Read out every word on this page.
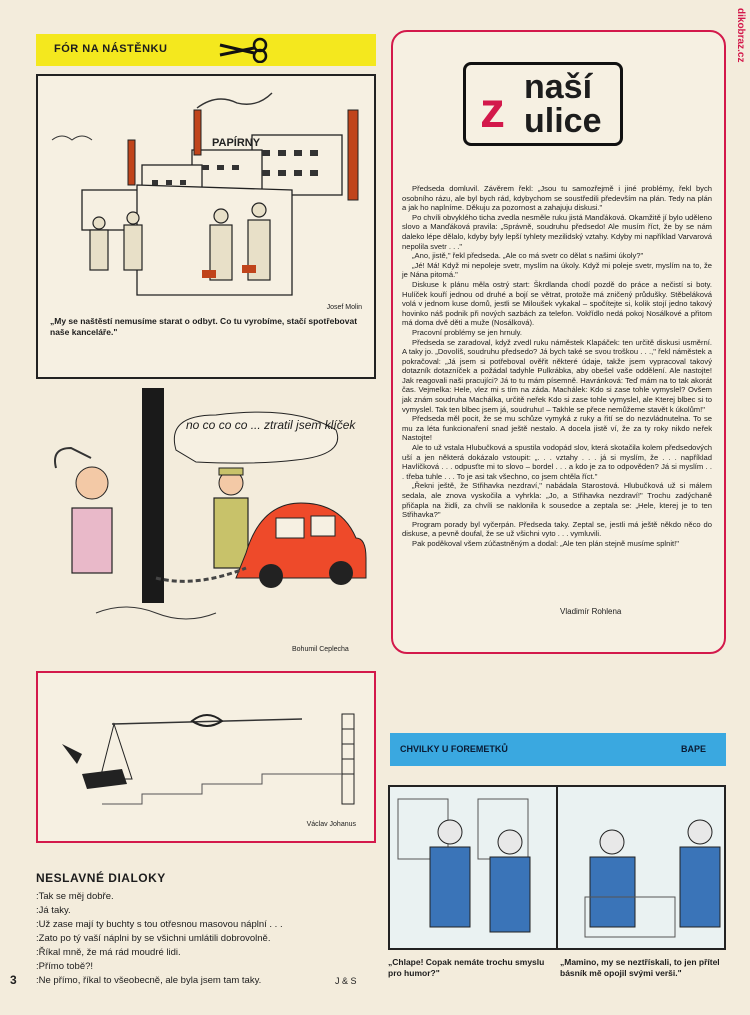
dikobraz.cz
FÓR NA NÁSTĚNKU
PAPÍRNY
Josef Molin
„My se naštěstí nemusíme starat o odbyt. Co tu vyrobíme, stačí spotřebovat naše kanceláře."
no co co co ... ztratil jsem klíček
Bohumil Ceplecha
z naší
ulice

Předseda domluvil. Závěrem řekl: „Jsou tu samozřejmě i jiné problémy, řekl bych osobního rázu, ale byl bych rád, kdybychom se soustředili především na plán. Tedy na plán a jak ho naplníme. Děkuju za pozornost a zahajuju diskusi."

Po chvíli obvyklého ticha zvedla nesměle ruku jistá Manďáková. Okamžitě jí bylo uděleno slovo a Manďáková pravila: „Správně, soudruhu předsedo! Ale musím říct, že by se nám daleko lépe dělalo, kdyby byly lepší tyhlety mezilidský vztahy. Kdyby mi například Varvarová nepolila svetr . . ."

„Ano, jistě," řekl předseda. „Ale co má svetr co dělat s našimi úkoly?"

„Jé! Má! Když mi nepoleje svetr, myslím na úkoly. Když mi poleje svetr, myslím na to, že je Nána pitomá."

Diskuse k plánu měla ostrý start: Škrdlanda chodí pozdě do práce a nečistí si boty. Hulíček kouří jednou od druhé a bojí se větrat, protože má zničený průdušky. Stěbeláková volá v jednom kuse domů, jestli se Miloušek vykakal – spočítejte si, kolik stojí jedno takový hovinko náš podnik při nových sazbách za telefon. Vokřídlo nedá pokoj Nosálkové a přitom má doma dvě děti a muže (Nosálková).

Pracovní problémy se jen hrnuly.

Předseda se zaradoval, když zvedl ruku náměstek Klapáček: ten určitě diskusi usměrní. A taky jo. „Dovolíš, soudruhu předsedo? Já bych také se svou troškou . . .," řekl náměstek a pokračoval: „Já jsem si potřeboval ověřit některé údaje, takže jsem vypracoval takový dotazník dotazníček a požádal tadyhle Pulkrábka, aby obešel vaše oddělení. Ale nastojte! Jak reagovali naši pracujíci? Já to tu mám písemně. Havránková: Teď mám na to tak akorát čas. Vejmelka: Hele, vlez mi s tím na záda. Machálek: Kdo si zase tohle vymyslel? Ovšem jak znám soudruha Machálka, určitě neřek Kdo si zase tohle vymyslel, ale Kterej blbec si to vymyslel. Tak ten blbec jsem já, soudruhu! – Takhle se přece nemůžeme stavět k úkolům!"

Předseda měl pocit, že se mu schůze vymyká z ruky a řití se do nezvládnutelna. To se mu za léta funkcionaření snad ještě nestalo. A docela jistě ví, že za ty roky nikdo neřek Nastojte!

Ale to už vstala Hlubučková a spustila vodopád slov, která skotačila kolem předsedových uší a jen některá dokázalo vstoupit: „. . . vztahy . . . já si myslím, že . . . například Havlíčková . . . odpusťte mi to slovo – bordel . . . a kdo je za to odpověden? Já si myslím . . . třeba tuhle . . . To je asi tak všechno, co jsem chtěla říct."

„Řekni ještě, že Střihavka nezdraví," nabádala Starostová. Hlubučková už si málem sedala, ale znova vyskočila a vyhrkla: „Jo, a Střihavka nezdraví!" Trochu zadýchaně přičapla na židli, za chvíli se naklonila k sousedce a zeptala se: „Hele, kterej je to ten Střihavka?"

Program porady byl vyčerpán. Předseda taky. Zeptal se, jestli má ještě někdo něco do diskuse, a pevně doufal, že se už všichni vyto . . . vymluvili.

Pak poděkoval všem zúčastněným a dodal: „Ale ten plán stejně musíme splnit!"

Vladimír Rohlena
Václav Johanus
CHVILKY U FOREMETKŮ	BAPE
„Chlape! Copak nemáte trochu smyslu pro humor?"
„Mamino, my se neztřískali, to jen přítel básník mě opojil svými verši."
NESLAVNÉ DIALOKY
:Tak se měj dobře.
:Já taky.
:Už zase mají ty buchty s tou otřesnou masovou náplní . . .
:Zato po tý vaší náplni by se všichni umlátili dobrovolně.
:Říkal mně, že má rád moudré lidi.
:Přímo tobě?!
:Ne přímo, říkal to všeobecně, ale byla jsem tam taky.
3	J & S
